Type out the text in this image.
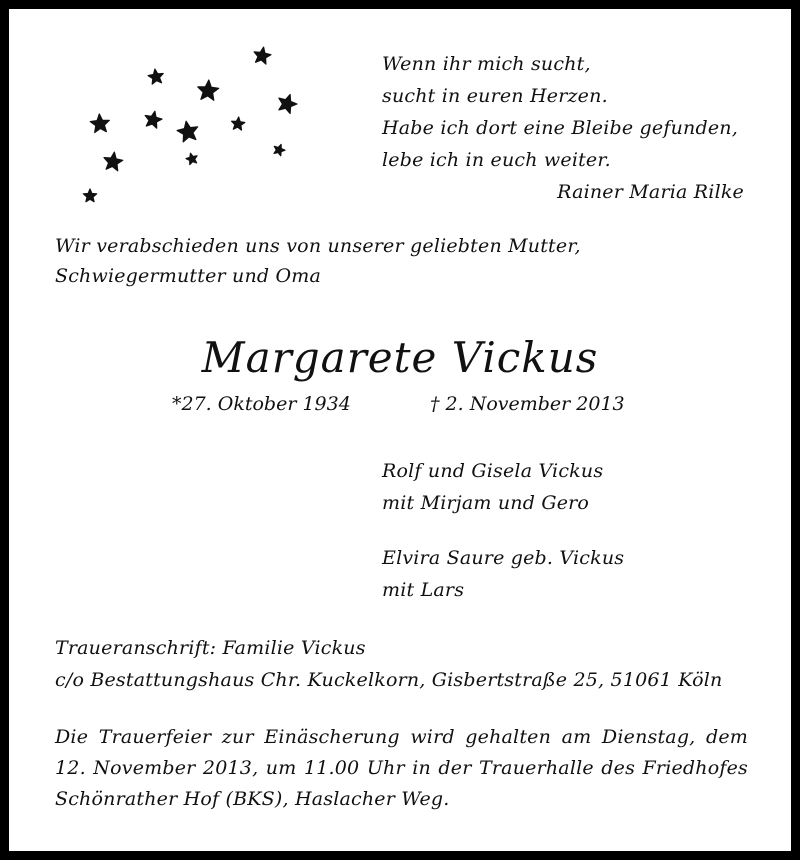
Wenn ihr mich sucht,
sucht in euren Herzen.
Habe ich dort eine Bleibe gefunden,
lebe ich in euch weiter.
Rainer Maria Rilke
Wir verabschieden uns von unserer geliebten Mutter, Schwiegermutter und Oma
Margarete Vickus
*27. Oktober 1934	† 2. November 2013
Rolf und Gisela Vickus
mit Mirjam und Gero
Elvira Saure geb. Vickus
mit Lars
Traueranschrift: Familie Vickus
c/o Bestattungshaus Chr. Kuckelkorn, Gisbertstraße 25, 51061 Köln
Die Trauerfeier zur Einäscherung wird gehalten am Dienstag, dem 12. November 2013, um 11.00 Uhr in der Trauerhalle des Friedhofes Schönrather Hof (BKS), Haslacher Weg.
